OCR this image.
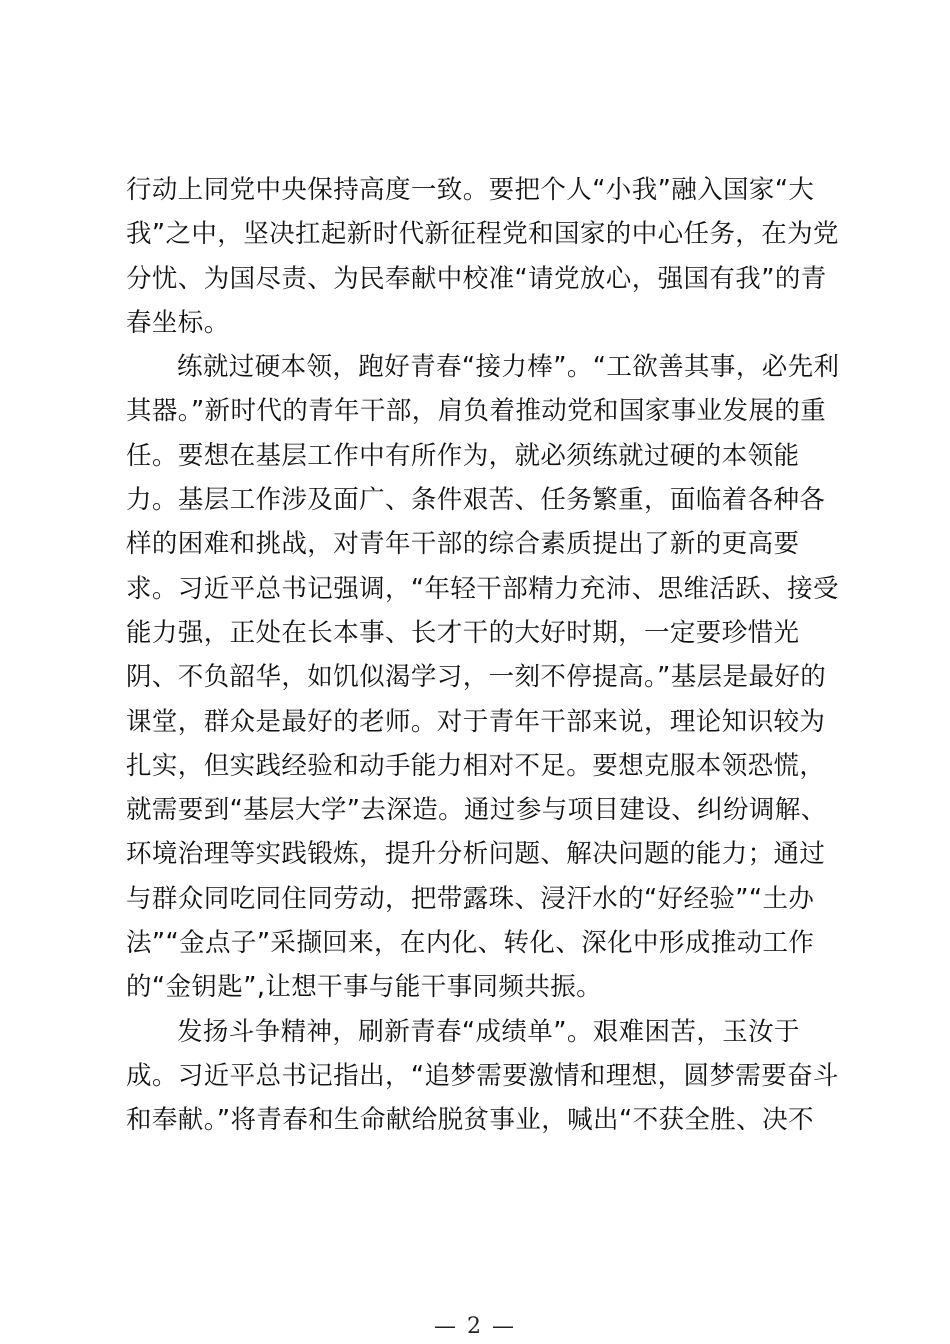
行动上同党中央保持高度一致。要把个人“小我”融入国家“大
我”之中，坚决扛起新时代新征程党和国家的中心任务，在为党
分忧、为国尽责、为民奉献中校准“请党放心，强国有我”的青
春坐标。
练就过硬本领，跑好青春“接力棒”。“工欲善其事，必先利
其器。”新时代的青年干部，肩负着推动党和国家事业发展的重
任。要想在基层工作中有所作为，就必须练就过硬的本领能
力。基层工作涉及面广、条件艰苦、任务繁重，面临着各种各
样的困难和挑战，对青年干部的综合素质提出了新的更高要
求。习近平总书记强调，“年轻干部精力充沛、思维活跃、接受
能力强，正处在长本事、长才干的大好时期，一定要珍惜光
阴、不负韶华，如饥似渴学习，一刻不停提高。”基层是最好的
课堂，群众是最好的老师。对于青年干部来说，理论知识较为
扎实，但实践经验和动手能力相对不足。要想克服本领恐慌，
就需要到“基层大学”去深造。通过参与项目建设、纠纷调解、
环境治理等实践锻炼，提升分析问题、解决问题的能力；通过
与群众同吃同住同劳动，把带露珠、浸汗水的“好经验”“土办
法”“金点子”采撷回来，在内化、转化、深化中形成推动工作
的“金钥匙”,让想干事与能干事同频共振。
发扬斗争精神，刷新青春“成绩单”。艰难困苦，玉汝于
成。习近平总书记指出，“追梦需要激情和理想，圆梦需要奋斗
和奉献。”将青春和生命献给脱贫事业，喊出“不获全胜、决不
— 2 —
